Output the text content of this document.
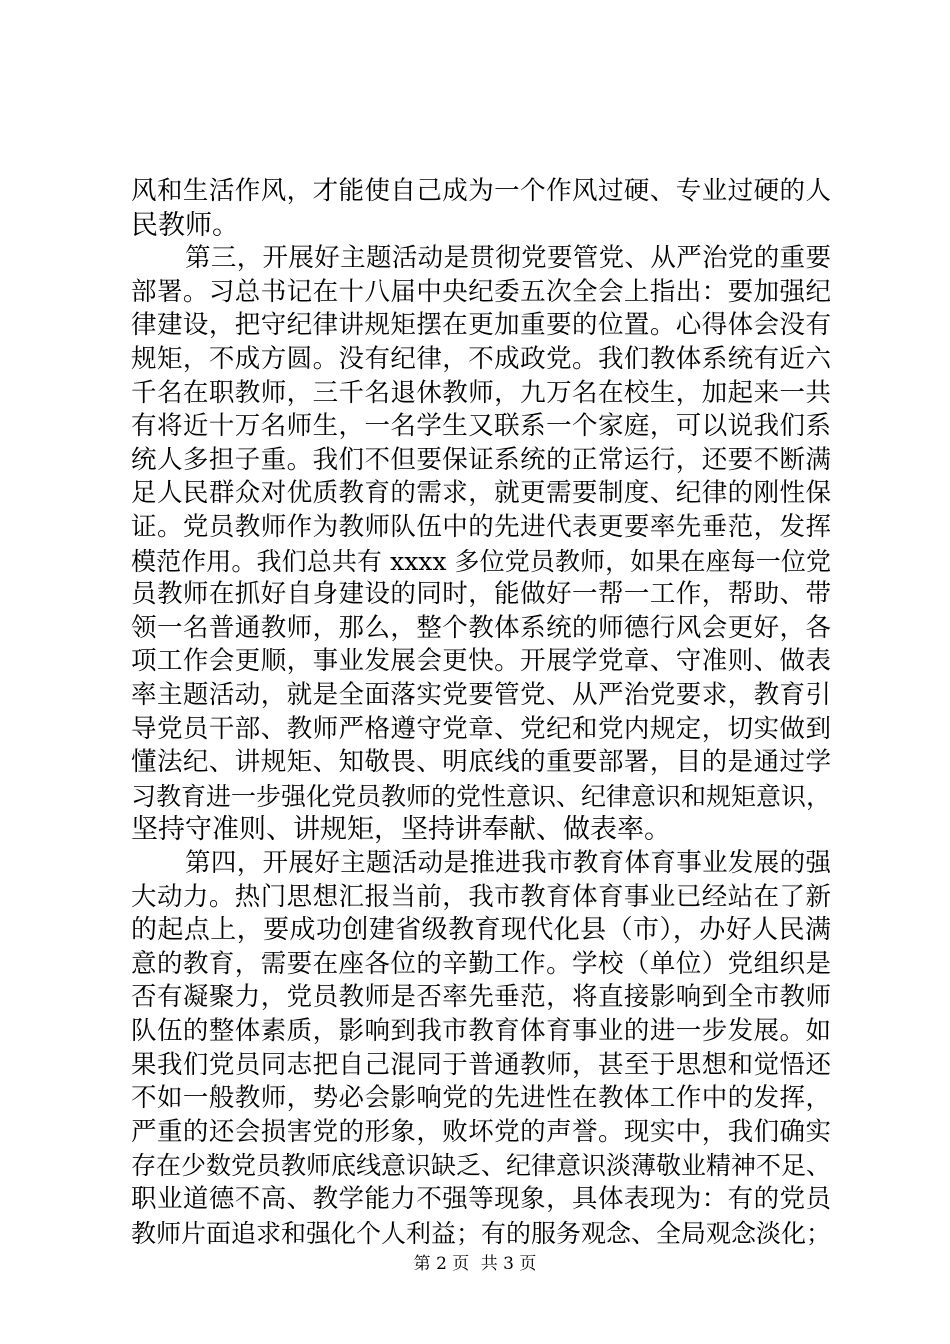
风和生活作风，才能使自己成为一个作风过硬、专业过硬的人
民教师。
第三，开展好主题活动是贯彻党要管党、从严治党的重要
部署。习总书记在十八届中央纪委五次全会上指出：要加强纪
律建设，把守纪律讲规矩摆在更加重要的位置。心得体会没有
规矩，不成方圆。没有纪律，不成政党。我们教体系统有近六
千名在职教师，三千名退休教师，九万名在校生，加起来一共
有将近十万名师生，一名学生又联系一个家庭，可以说我们系
统人多担子重。我们不但要保证系统的正常运行，还要不断满
足人民群众对优质教育的需求，就更需要制度、纪律的刚性保
证。党员教师作为教师队伍中的先进代表更要率先垂范，发挥
模范作用。我们总共有 xxxx 多位党员教师，如果在座每一位党
员教师在抓好自身建设的同时，能做好一帮一工作，帮助、带
领一名普通教师，那么，整个教体系统的师德行风会更好，各
项工作会更顺，事业发展会更快。开展学党章、守准则、做表
率主题活动，就是全面落实党要管党、从严治党要求，教育引
导党员干部、教师严格遵守党章、党纪和党内规定，切实做到
懂法纪、讲规矩、知敬畏、明底线的重要部署，目的是通过学
习教育进一步强化党员教师的党性意识、纪律意识和规矩意识，
坚持守准则、讲规矩，坚持讲奉献、做表率。
第四，开展好主题活动是推进我市教育体育事业发展的强
大动力。热门思想汇报当前，我市教育体育事业已经站在了新
的起点上，要成功创建省级教育现代化县（市），办好人民满
意的教育，需要在座各位的辛勤工作。学校（单位）党组织是
否有凝聚力，党员教师是否率先垂范，将直接影响到全市教师
队伍的整体素质，影响到我市教育体育事业的进一步发展。如
果我们党员同志把自己混同于普通教师，甚至于思想和觉悟还
不如一般教师，势必会影响党的先进性在教体工作中的发挥，
严重的还会损害党的形象，败坏党的声誉。现实中，我们确实
存在少数党员教师底线意识缺乏、纪律意识淡薄敬业精神不足、
职业道德不高、教学能力不强等现象，具体表现为：有的党员
教师片面追求和强化个人利益；有的服务观念、全局观念淡化；
第 2 页 共 3 页
